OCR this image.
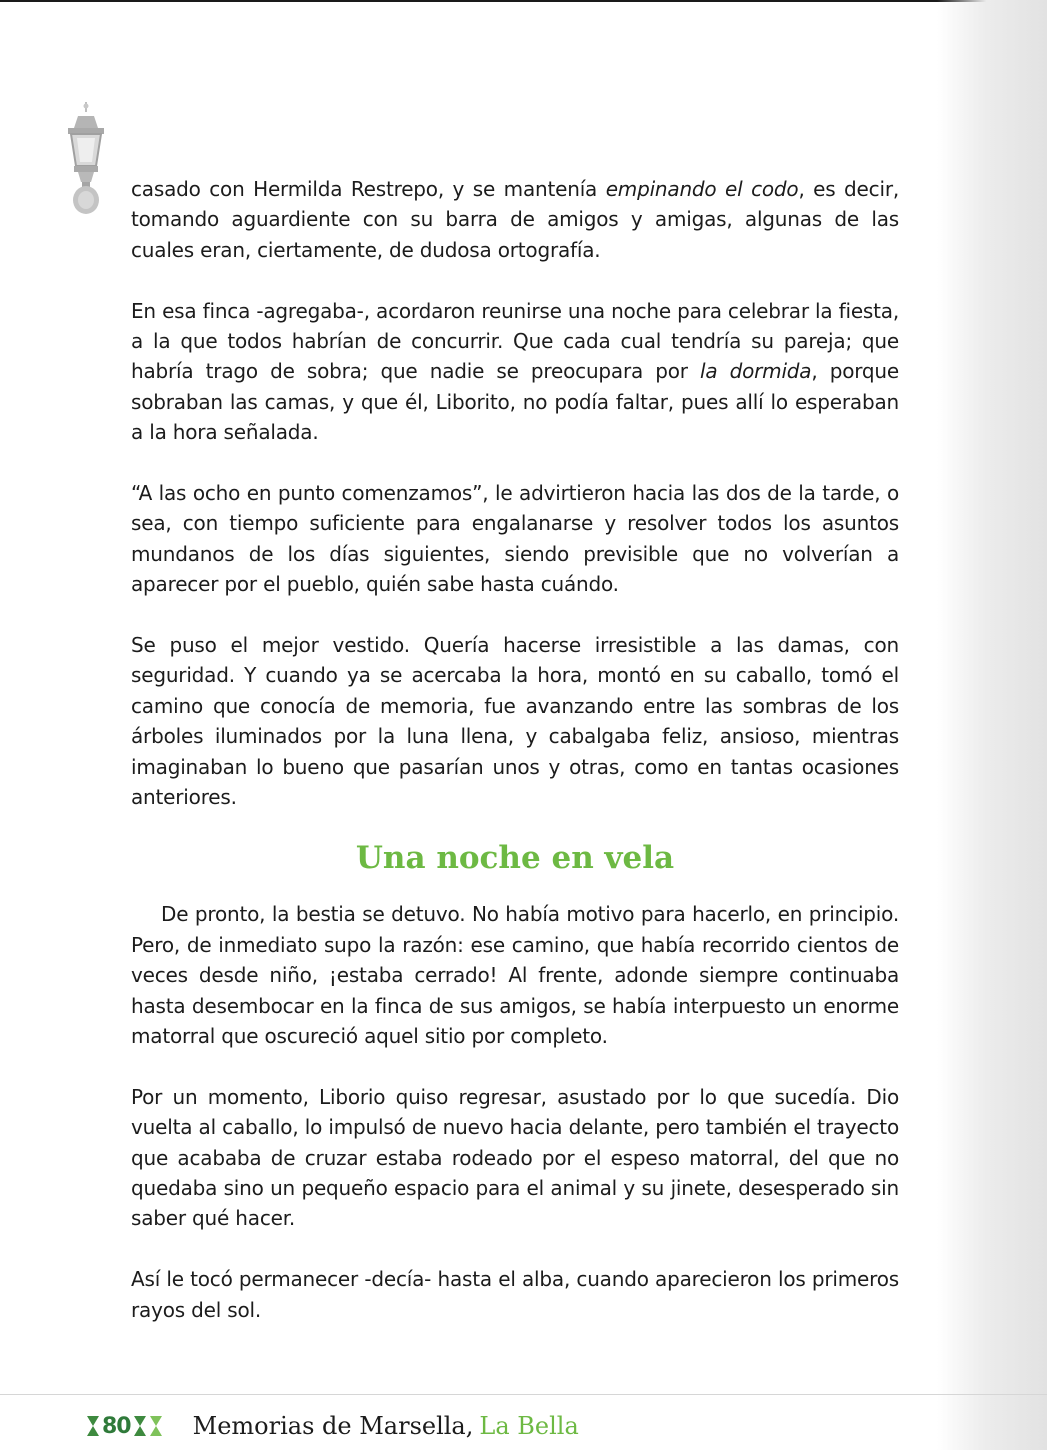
casado con Hermilda Restrepo, y se mantenía empinando el codo, es decir, tomando aguardiente con su barra de amigos y amigas, algunas de las cuales eran, ciertamente, de dudosa ortografía.

En esa finca -agregaba-, acordaron reunirse una noche para celebrar la fiesta, a la que todos habrían de concurrir. Que cada cual tendría su pareja; que habría trago de sobra; que nadie se preocupara por la dormida, porque sobraban las camas, y que él, Liborito, no podía faltar, pues allí lo esperaban a la hora señalada.

“A las ocho en punto comenzamos”, le advirtieron hacia las dos de la tarde, o sea, con tiempo suficiente para engalanarse y resolver todos los asuntos mundanos de los días siguientes, siendo previsible que no volverían a aparecer por el pueblo, quién sabe hasta cuándo.

Se puso el mejor vestido. Quería hacerse irresistible a las damas, con seguridad. Y cuando ya se acercaba la hora, montó en su caballo, tomó el camino que conocía de memoria, fue avanzando entre las sombras de los árboles iluminados por la luna llena, y cabalgaba feliz, ansioso, mientras imaginaban lo bueno que pasarían unos y otras, como en tantas ocasiones anteriores.

Una noche en vela

De pronto, la bestia se detuvo. No había motivo para hacerlo, en principio. Pero, de inmediato supo la razón: ese camino, que había recorrido cientos de veces desde niño, ¡estaba cerrado! Al frente, adonde siempre continuaba hasta desembocar en la finca de sus amigos, se había interpuesto un enorme matorral que oscureció aquel sitio por completo.

Por un momento, Liborio quiso regresar, asustado por lo que sucedía. Dio vuelta al caballo, lo impulsó de nuevo hacia delante, pero también el trayecto que acababa de cruzar estaba rodeado por el espeso matorral, del que no quedaba sino un pequeño espacio para el animal y su jinete, desesperado sin saber qué hacer.

Así le tocó permanecer -decía- hasta el alba, cuando aparecieron los primeros rayos del sol.

80	Memorias de Marsella, La Bella
